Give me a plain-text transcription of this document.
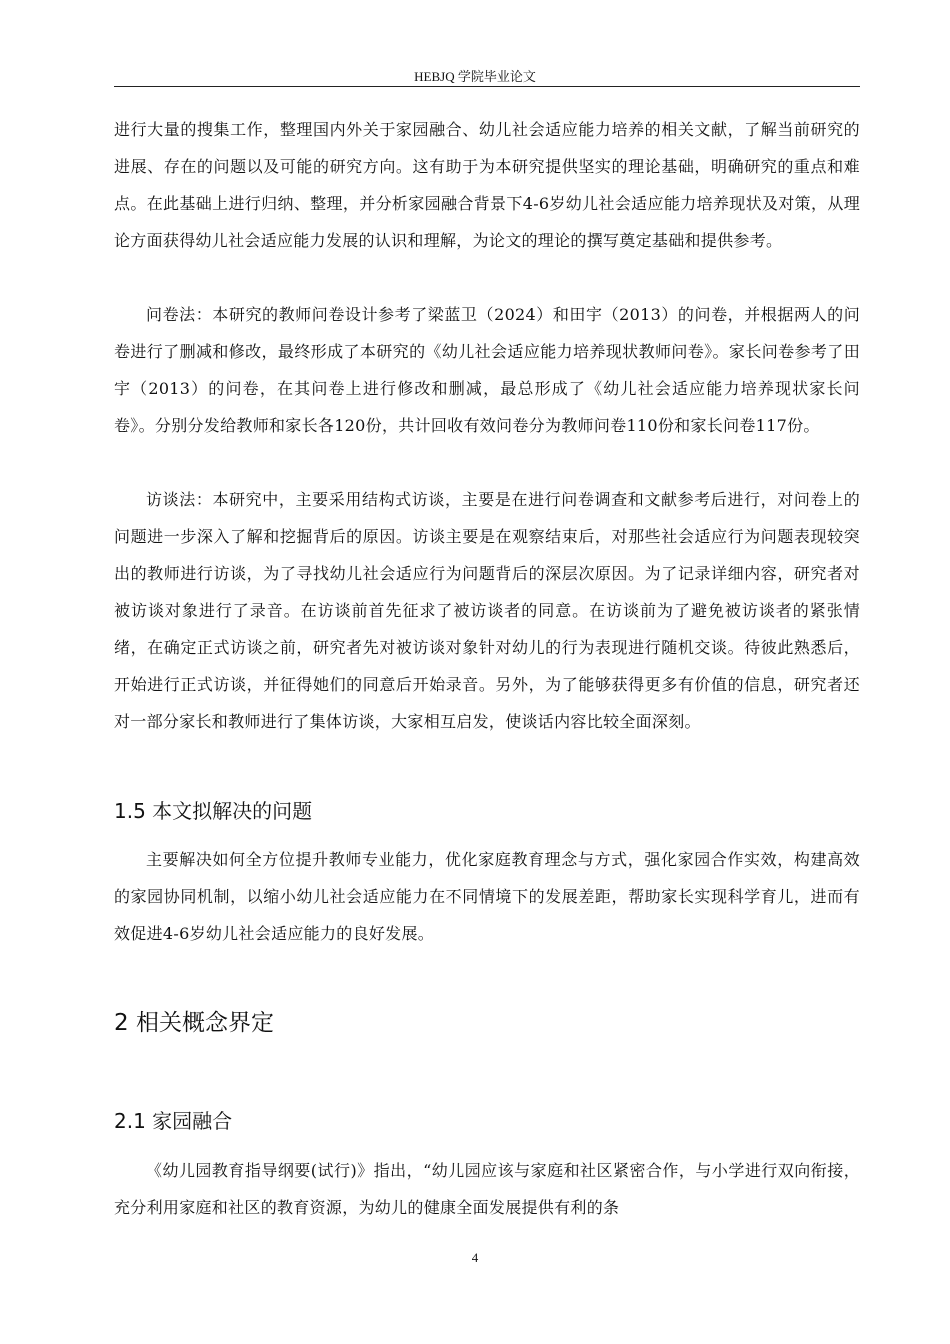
HEBJQ 学院毕业论文

进行大量的搜集工作，整理国内外关于家园融合、幼儿社会适应能力培养的相关文献，了解当前研究的进展、存在的问题以及可能的研究方向。这有助于为本研究提供坚实的理论基础，明确研究的重点和难点。在此基础上进行归纳、整理，并分析家园融合背景下4-6岁幼儿社会适应能力培养现状及对策，从理论方面获得幼儿社会适应能力发展的认识和理解，为论文的理论的撰写奠定基础和提供参考。

问卷法：本研究的教师问卷设计参考了梁蓝卫（2024）和田宇（2013）的问卷，并根据两人的问卷进行了删减和修改，最终形成了本研究的《幼儿社会适应能力培养现状教师问卷》。家长问卷参考了田宇（2013）的问卷，在其问卷上进行修改和删减，最总形成了《幼儿社会适应能力培养现状家长问卷》。分别分发给教师和家长各120份，共计回收有效问卷分为教师问卷110份和家长问卷117份。

访谈法：本研究中，主要采用结构式访谈，主要是在进行问卷调查和文献参考后进行，对问卷上的问题进一步深入了解和挖掘背后的原因。访谈主要是在观察结束后，对那些社会适应行为问题表现较突出的教师进行访谈，为了寻找幼儿社会适应行为问题背后的深层次原因。为了记录详细内容，研究者对被访谈对象进行了录音。在访谈前首先征求了被访谈者的同意。在访谈前为了避免被访谈者的紧张情绪，在确定正式访谈之前，研究者先对被访谈对象针对幼儿的行为表现进行随机交谈。待彼此熟悉后，开始进行正式访谈，并征得她们的同意后开始录音。另外，为了能够获得更多有价值的信息，研究者还对一部分家长和教师进行了集体访谈，大家相互启发，使谈话内容比较全面深刻。

1.5 本文拟解决的问题

主要解决如何全方位提升教师专业能力，优化家庭教育理念与方式，强化家园合作实效，构建高效的家园协同机制，以缩小幼儿社会适应能力在不同情境下的发展差距，帮助家长实现科学育儿，进而有效促进4-6岁幼儿社会适应能力的良好发展。

2 相关概念界定
2.1 家园融合

《幼儿园教育指导纲要(试行)》指出，“幼儿园应该与家庭和社区紧密合作，与小学进行双向衔接，充分利用家庭和社区的教育资源，为幼儿的健康全面发展提供有利的条

4
